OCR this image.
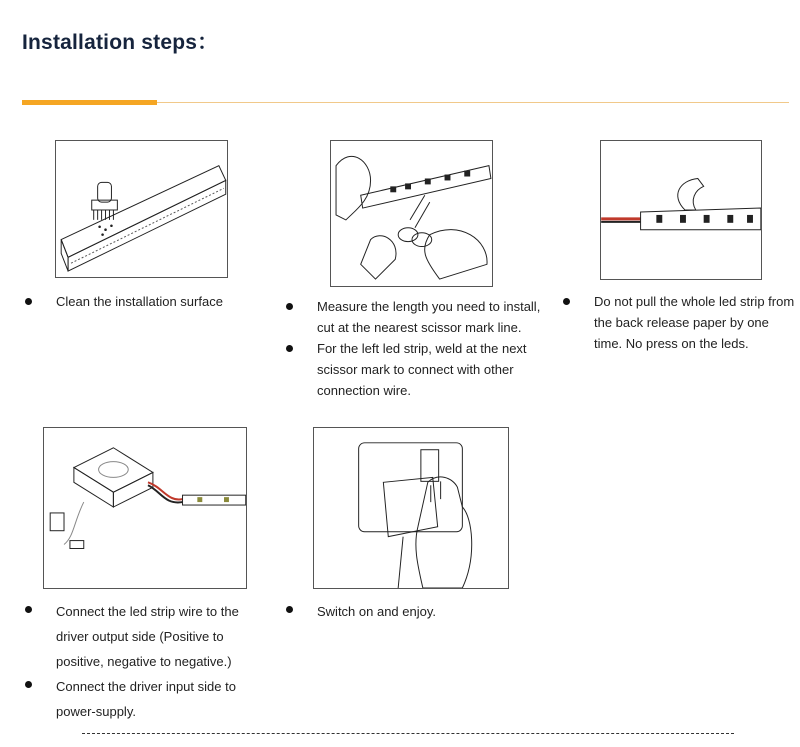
Installation steps：
Clean the installation surface	Measure the length you need to install, cut at the nearest scissor mark line.
For the left led strip, weld at the next scissor mark to connect with other connection wire.
Do not pull the whole led strip from the back release paper by one time. No press on the leds.
Connect the led strip wire to the driver output side (Positive to positive, negative to negative.)
Connect the driver input side to power-supply.
Switch on and enjoy.
